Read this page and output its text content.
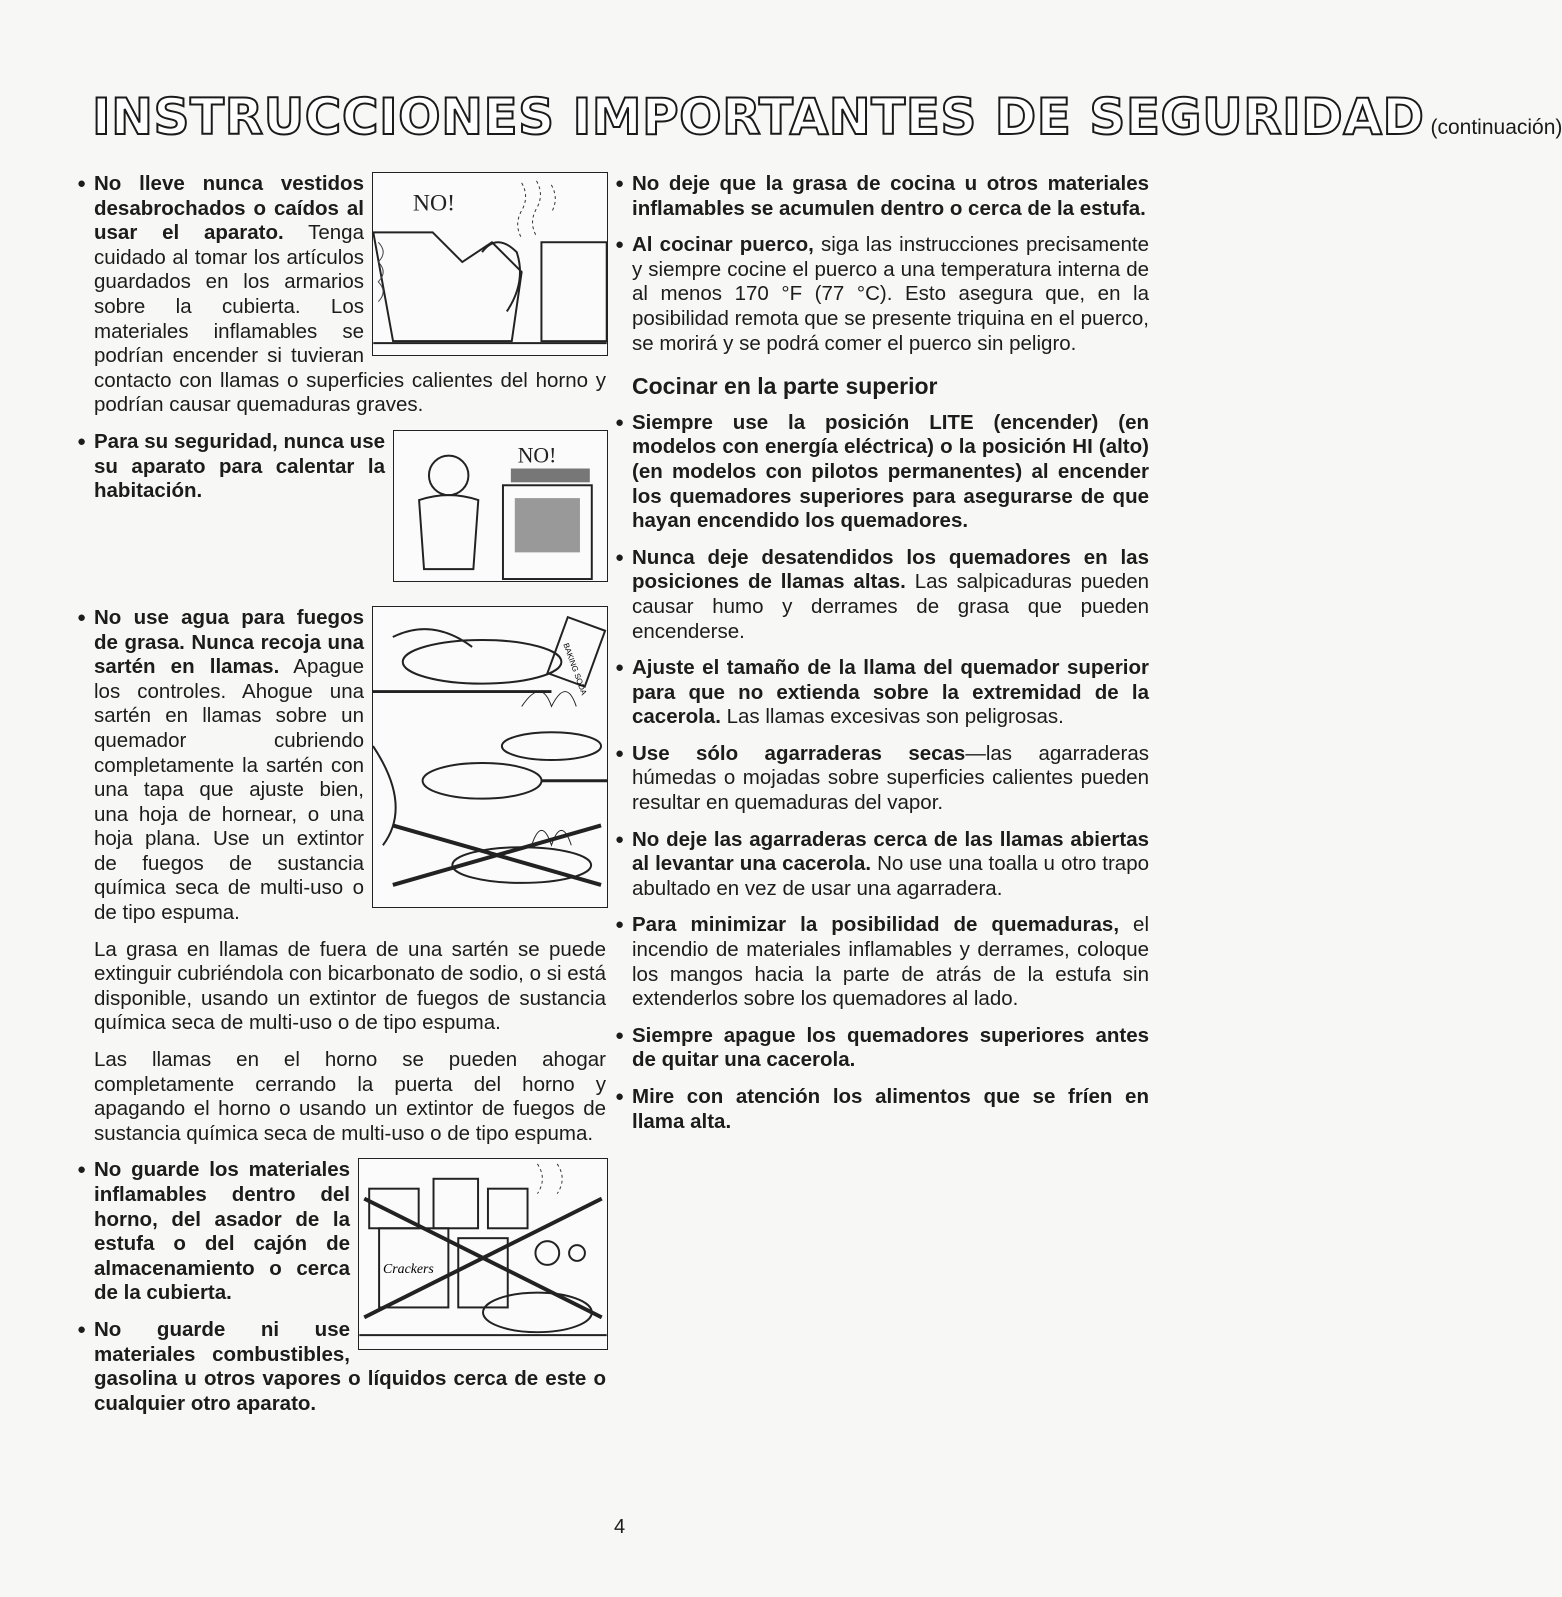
INSTRUCCIONES IMPORTANTES DE SEGURIDAD (continuación)
●
NO!
No lleve nunca vestidos desabrochados o caídos al usar el aparato. Tenga cuidado al tomar los artículos guardados en los armarios sobre la cubierta. Los materiales inflamables se podrían encender si tuvieran contacto con llamas o superficies calientes del horno y podrían causar quemaduras graves.
●
NO!
Para su seguridad, nunca use su aparato para calentar la habitación.
●
BAKING SODA
No use agua para fuegos de grasa. Nunca recoja una sartén en llamas. Apague los controles. Ahogue una sartén en llamas sobre un quemador cubriendo completamente la sartén con una tapa que ajuste bien, una hoja de hornear, o una hoja plana. Use un extintor de fuegos de sustancia química seca de multi-uso o de tipo espuma.

La grasa en llamas de fuera de una sartén se puede extinguir cubriéndola con bicarbonato de sodio, o si está disponible, usando un extintor de fuegos de sustancia química seca de multi-uso o de tipo espuma.

Las llamas en el horno se pueden ahogar completamente cerrando la puerta del horno y apagando el horno o usando un extintor de fuegos de sustancia química seca de multi-uso o de tipo espuma.

●
Crackers
No guarde los materiales inflamables dentro del horno, del asador de la estufa o del cajón de almacenamiento o cerca de la cubierta.
● No guarde ni use materiales combustibles, gasolina u otros vapores o líquidos cerca de este o cualquier otro aparato.
● No deje que la grasa de cocina u otros materiales inflamables se acumulen dentro o cerca de la estufa.
● Al cocinar puerco, siga las instrucciones precisamente y siempre cocine el puerco a una temperatura interna de al menos 170 °F (77 °C). Esto asegura que, en la posibilidad remota que se presente triquina en el puerco, se morirá y se podrá comer el puerco sin peligro.
Cocinar en la parte superior
● Siempre use la posición LITE (encender) (en modelos con energía eléctrica) o la posición HI (alto) (en modelos con pilotos permanentes) al encender los quemadores superiores para asegurarse de que hayan encendido los quemadores.
● Nunca deje desatendidos los quemadores en las posiciones de llamas altas. Las salpicaduras pueden causar humo y derrames de grasa que pueden encenderse.
● Ajuste el tamaño de la llama del quemador superior para que no extienda sobre la extremidad de la cacerola. Las llamas excesivas son peligrosas.
● Use sólo agarraderas secas—las agarraderas húmedas o mojadas sobre superficies calientes pueden resultar en quemaduras del vapor.
● No deje las agarraderas cerca de las llamas abiertas al levantar una cacerola. No use una toalla u otro trapo abultado en vez de usar una agarradera.
● Para minimizar la posibilidad de quemaduras, el incendio de materiales inflamables y derrames, coloque los mangos hacia la parte de atrás de la estufa sin extenderlos sobre los quemadores al lado.
● Siempre apague los quemadores superiores antes de quitar una cacerola.
● Mire con atención los alimentos que se fríen en llama alta.
4
